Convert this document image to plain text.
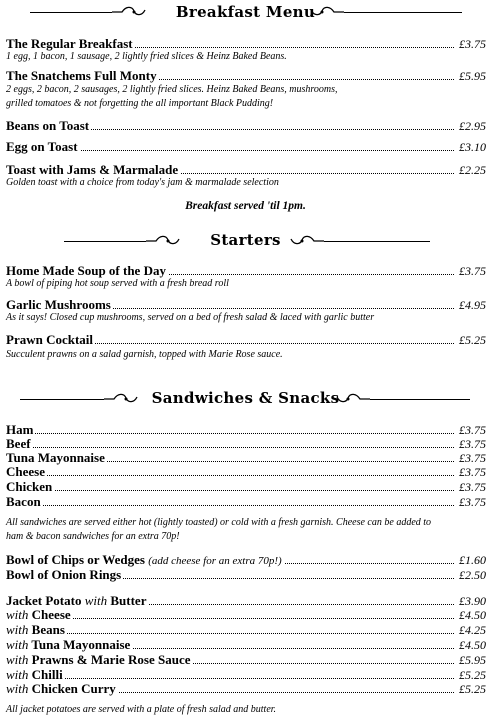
Breakfast Menu
The Regular Breakfast	£3.75
1 egg, 1 bacon, 1 sausage, 2 lightly fried slices & Heinz Baked Beans.
The Snatchems Full Monty	£5.95
2 eggs, 2 bacon, 2 sausages, 2 lightly fried slices. Heinz Baked Beans, mushrooms,
grilled tomatoes & not forgetting the all important Black Pudding!
Beans on Toast	£2.95
Egg on Toast	£3.10
Toast with Jams & Marmalade	£2.25
Golden toast with a choice from today's jam & marmalade selection
Breakfast served 'til 1pm.
Starters
Home Made Soup of the Day	£3.75
A bowl of piping hot soup served with a fresh bread roll
Garlic Mushrooms	£4.95
As it says! Closed cup mushrooms, served on a bed of fresh salad & laced with garlic butter
Prawn Cocktail	£5.25
Succulent prawns on a salad garnish, topped with Marie Rose sauce.
Sandwiches & Snacks
Ham	£3.75
Beef	£3.75
Tuna Mayonnaise	£3.75
Cheese	£3.75
Chicken	£3.75
Bacon	£3.75
All sandwiches are served either hot (lightly toasted) or cold with a fresh garnish. Cheese can be added to
ham & bacon sandwiches for an extra 70p!
Bowl of Chips or Wedges (add cheese for an extra 70p!)	£1.60
Bowl of Onion Rings	£2.50
Jacket Potato with Butter	£3.90
with Cheese	£4.50
with Beans	£4.25
with Tuna Mayonnaise	£4.50
with Prawns & Marie Rose Sauce	£5.95
with Chilli	£5.25
with Chicken Curry	£5.25
All jacket potatoes are served with a plate of fresh salad and butter.
